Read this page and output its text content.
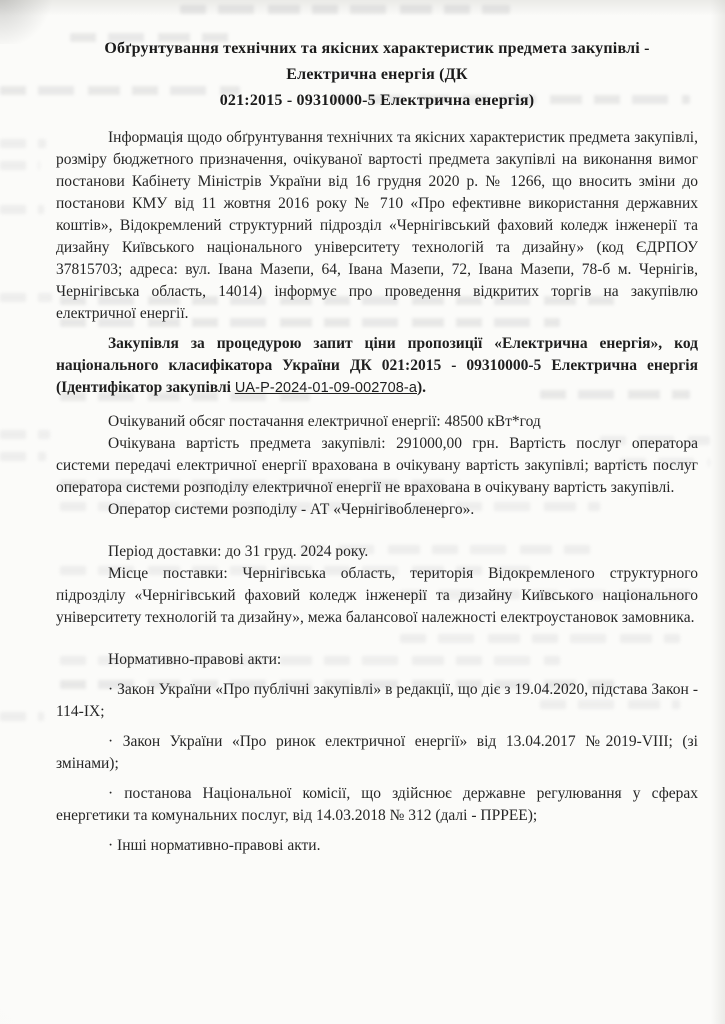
Обґрунтування технічних та якісних характеристик предмета закупівлі -
Електрична енергія (ДК
021:2015 - 09310000-5 Електрична енергія)

Інформація щодо обґрунтування технічних та якісних характеристик предмета закупівлі, розміру бюджетного призначення, очікуваної вартості предмета закупівлі на виконання вимог постанови Кабінету Міністрів України від 16 грудня 2020 р. № 1266, що вносить зміни до постанови КМУ від 11 жовтня 2016 року № 710 «Про ефективне використання державних коштів», Відокремлений структурний підрозділ «Чернігівський фаховий коледж інженерії та дизайну Київського національного університету технологій та дизайну» (код ЄДРПОУ 37815703; адреса: вул. Івана Мазепи, 64, Івана Мазепи, 72, Івана Мазепи, 78-б м. Чернігів, Чернігівська область, 14014) інформує про проведення відкритих торгів на закупівлю електричної енергії.

Закупівля за процедурою запит ціни пропозиції «Електрична енергія», код національного класифікатора України ДК 021:2015 - 09310000-5 Електрична енергія (Ідентифікатор закупівлі UA-P-2024-01-09-002708-a).

Очікуваний обсяг постачання електричної енергії: 48500 кВт*год

Очікувана вартість предмета закупівлі: 291000,00 грн. Вартість послуг оператора системи передачі електричної енергії врахована в очікувану вартість закупівлі; вартість послуг оператора системи розподілу електричної енергії не врахована в очікувану вартість закупівлі.

Оператор системи розподілу - АТ «Чернігівобленерго».

Період доставки: до 31 груд. 2024 року.

Місце поставки: Чернігівська область, територія Відокремленого структурного підрозділу «Чернігівський фаховий коледж інженерії та дизайну Київського національного університету технологій та дизайну», межа балансової належності електроустановок замовника.

Нормативно-правові акти:

· Закон України «Про публічні закупівлі» в редакції, що діє з 19.04.2020, підстава Закон - 114-IX;

· Закон України «Про ринок електричної енергії» від 13.04.2017 №2019-VIII; (зі змінами);

· постанова Національної комісії, що здійснює державне регулювання у сферах енергетики та комунальних послуг, від 14.03.2018 № 312 (далі - ПРРЕЕ);

· Інші нормативно-правові акти.
